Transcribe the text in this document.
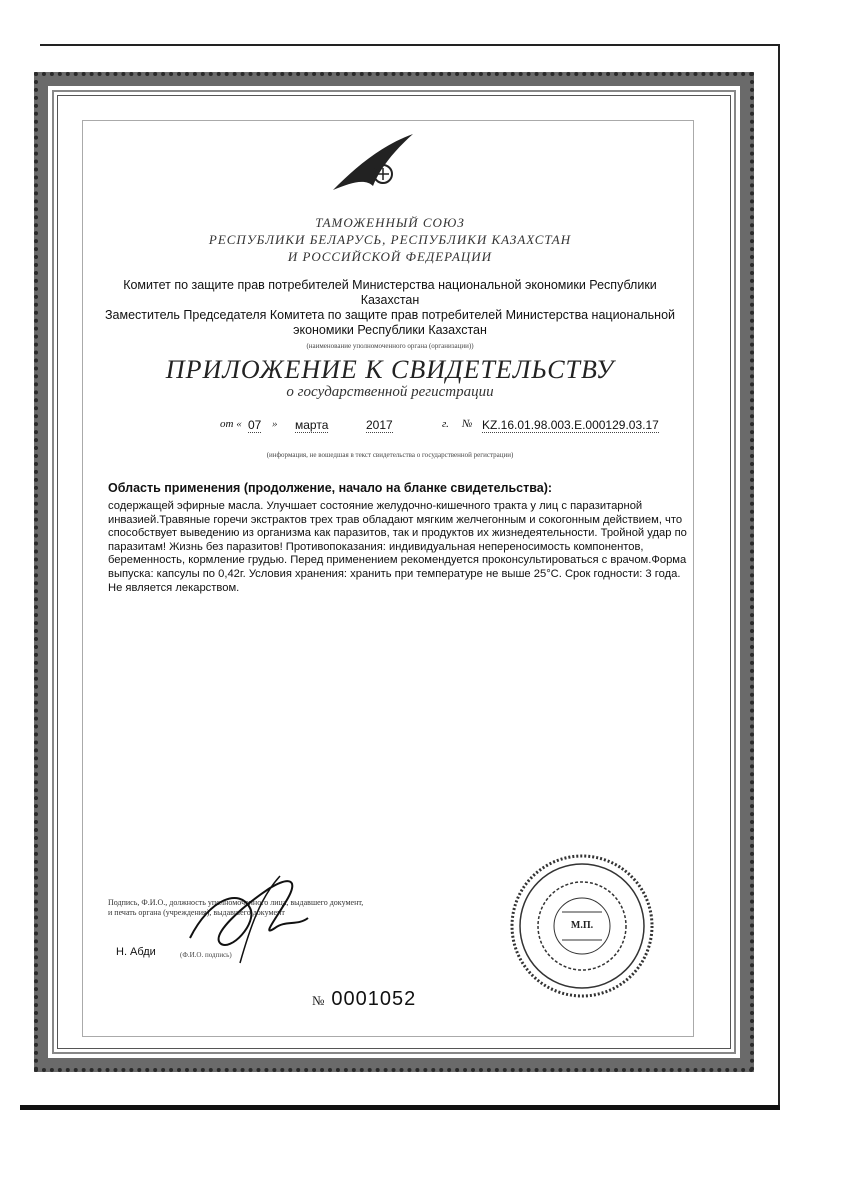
ТАМОЖЕННЫЙ СОЮЗ
РЕСПУБЛИКИ БЕЛАРУСЬ, РЕСПУБЛИКИ КАЗАХСТАН
И РОССИЙСКОЙ ФЕДЕРАЦИИ
Комитет по защите прав потребителей Министерства национальной экономики Республики
Казахстан
Заместитель Председателя Комитета по защите прав потребителей Министерства национальной
экономики Республики Казахстан
(наименование уполномоченного органа (организации))
ПРИЛОЖЕНИЕ К СВИДЕТЕЛЬСТВУ
о государственной регистрации
от « 07 » марта	2017	г. № KZ.16.01.98.003.E.000129.03.17
(информация, не вошедшая в текст свидетельства о государственной регистрации)
Область применения (продолжение, начало на бланке свидетельства):
содержащей эфирные масла. Улучшает состояние желудочно-кишечного тракта у лиц с паразитарной инвазией.Травяные горечи экстрактов трех трав обладают мягким желчегонным и сокогонным действием, что способствует выведению из организма как паразитов, так и продуктов их жизнедеятельности. Тройной удар по паразитам! Жизнь без паразитов! Противопоказания: индивидуальная непереносимость компонентов, беременность, кормление грудью. Перед применением рекомендуется проконсультироваться с врачом.Форма выпуска: капсулы по 0,42г. Условия хранения: хранить при температуре не выше 25°С. Срок годности: 3 года. Не является лекарством.
Подпись, Ф.И.О., должность уполномоченного лица, выдавшего документ, и печать органа (учреждения), выдавшего документ
Н. Абди	(Ф.И.О. подпись)
№ 0001052
М.П.
